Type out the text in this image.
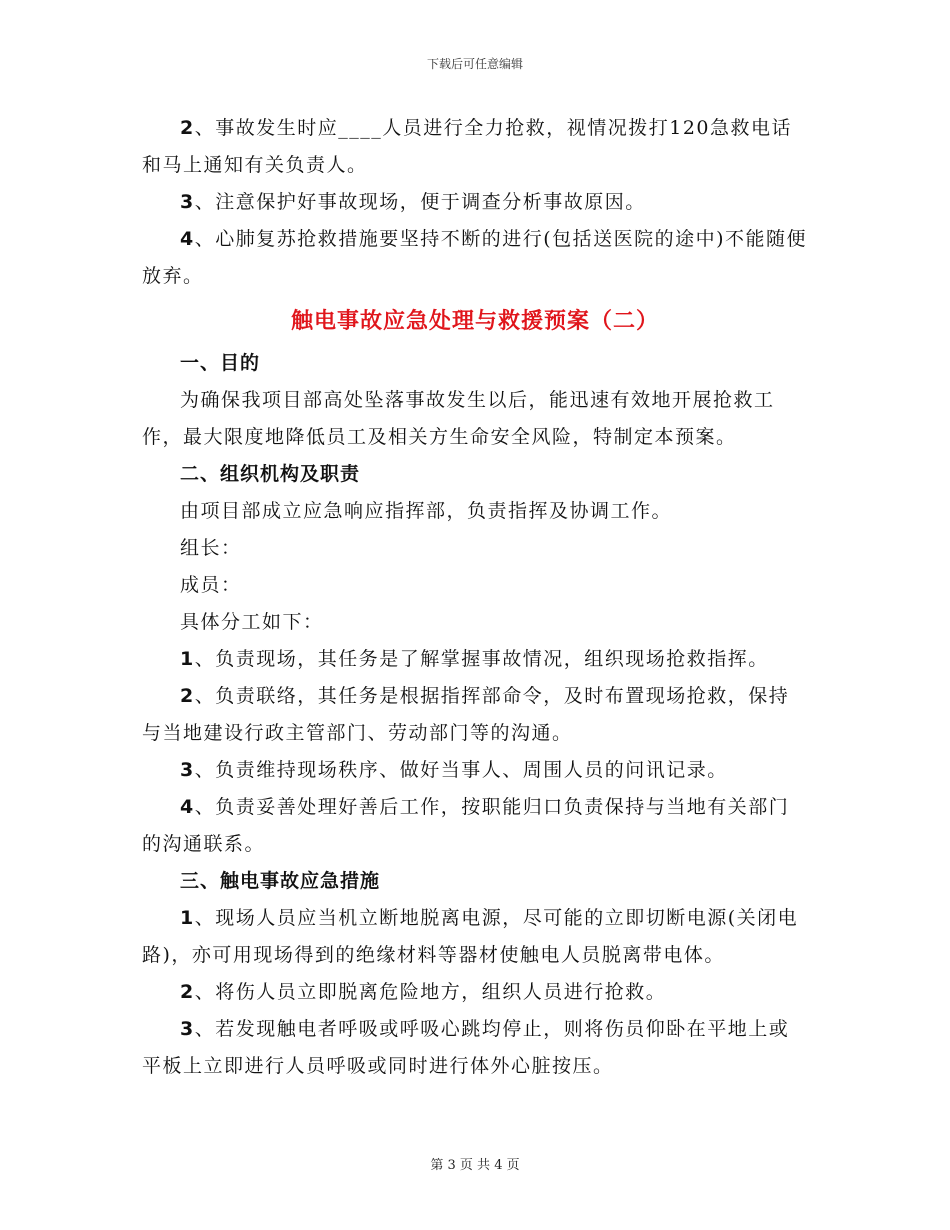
下载后可任意编辑

2、事故发生时应____人员进行全力抢救，视情况拨打120急救电话和马上通知有关负责人。

3、注意保护好事故现场，便于调查分析事故原因。

4、心肺复苏抢救措施要坚持不断的进行(包括送医院的途中)不能随便放弃。

触电事故应急处理与救援预案（二）

一、目的

为确保我项目部高处坠落事故发生以后，能迅速有效地开展抢救工作，最大限度地降低员工及相关方生命安全风险，特制定本预案。

二、组织机构及职责

由项目部成立应急响应指挥部，负责指挥及协调工作。

组长：

成员：

具体分工如下：

1、负责现场，其任务是了解掌握事故情况，组织现场抢救指挥。

2、负责联络，其任务是根据指挥部命令，及时布置现场抢救，保持与当地建设行政主管部门、劳动部门等的沟通。

3、负责维持现场秩序、做好当事人、周围人员的问讯记录。

4、负责妥善处理好善后工作，按职能归口负责保持与当地有关部门的沟通联系。

三、触电事故应急措施

1、现场人员应当机立断地脱离电源，尽可能的立即切断电源(关闭电路)，亦可用现场得到的绝缘材料等器材使触电人员脱离带电体。

2、将伤人员立即脱离危险地方，组织人员进行抢救。

3、若发现触电者呼吸或呼吸心跳均停止，则将伤员仰卧在平地上或平板上立即进行人员呼吸或同时进行体外心脏按压。

第 3 页 共 4 页
